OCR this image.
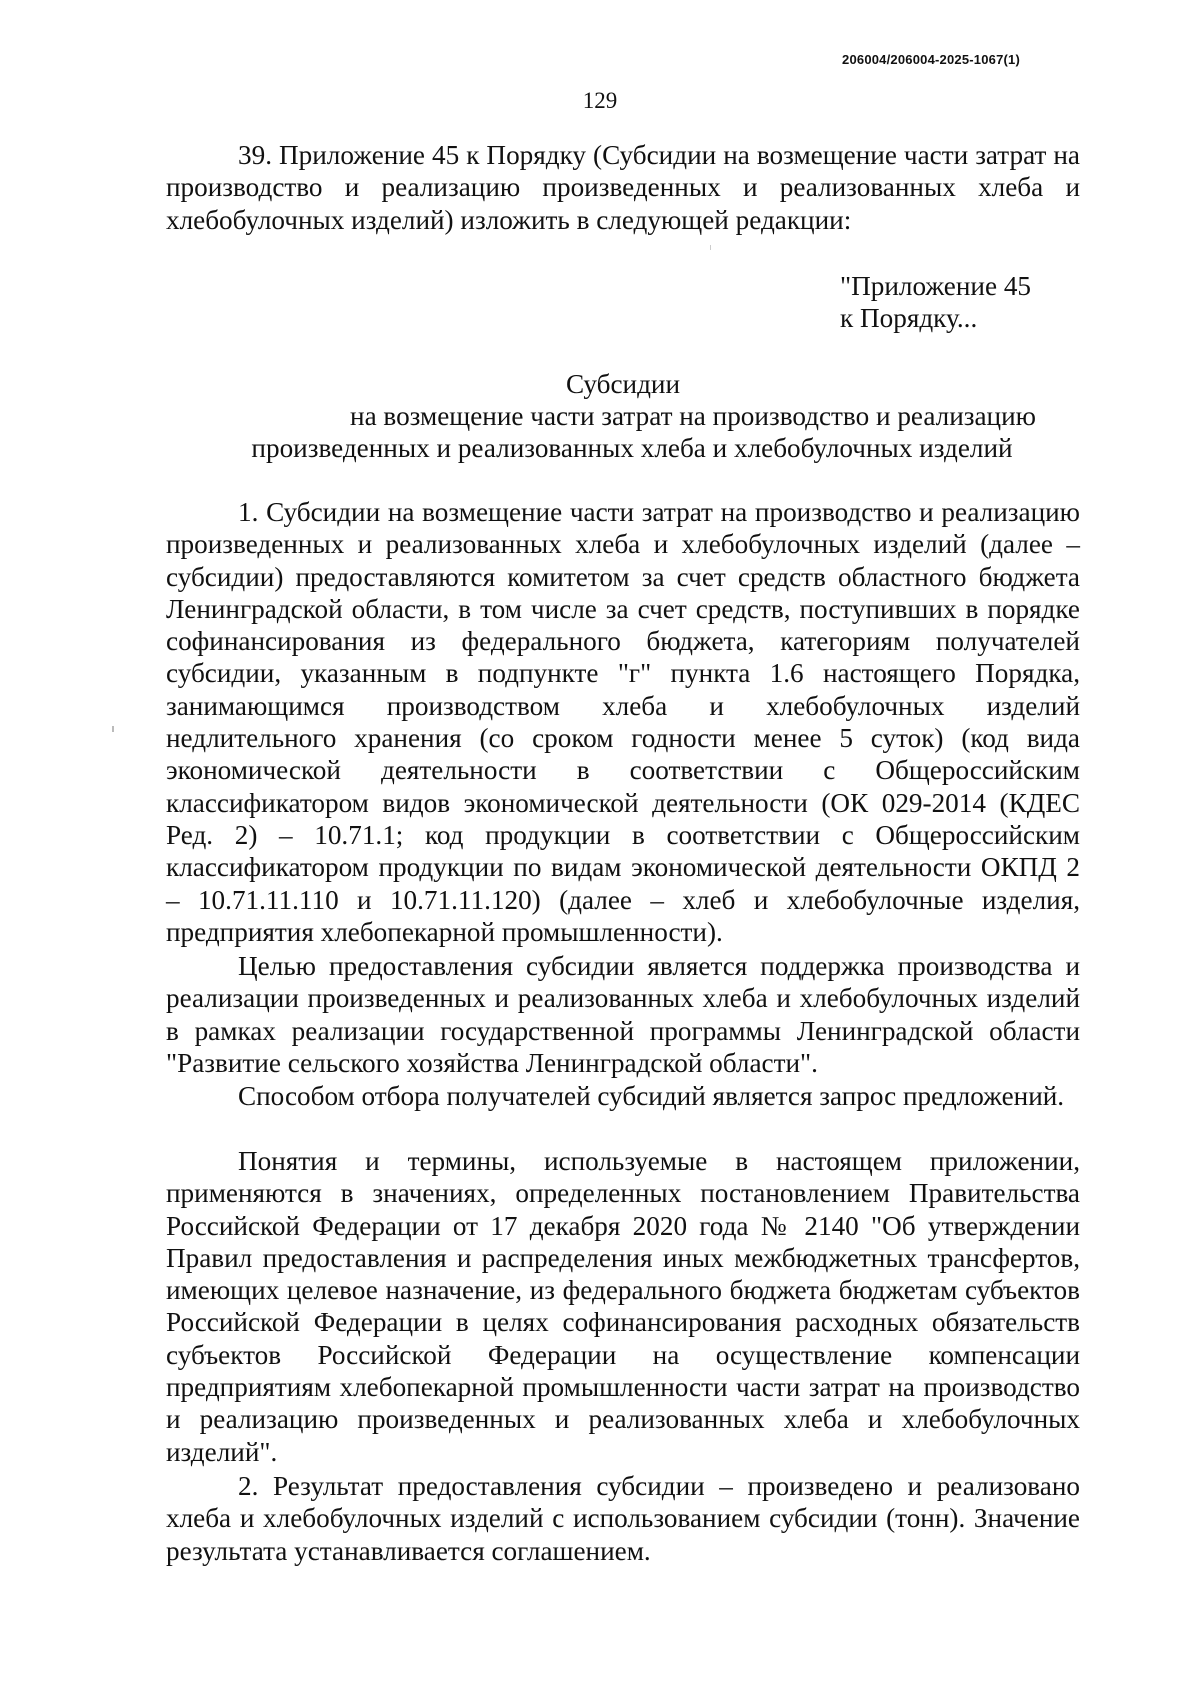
206004/206004-2025-1067(1)
129

39. Приложение 45 к Порядку (Субсидии на возмещение части затрат на производство и реализацию произведенных и реализованных хлеба и хлебобулочных изделий) изложить в следующей редакции:

"Приложение 45
к Порядку...
Субсидии
на возмещение части затрат на производство и реализацию
произведенных и реализованных хлеба и хлебобулочных изделий

1. Субсидии на возмещение части затрат на производство и реализацию произведенных и реализованных хлеба и хлебобулочных изделий (далее – субсидии) предоставляются комитетом за счет средств областного бюджета Ленинградской области, в том числе за счет средств, поступивших в порядке софинансирования из федерального бюджета, категориям получателей субсидии, указанным в подпункте "г" пункта 1.6 настоящего Порядка, занимающимся производством хлеба и хлебобулочных изделий недлительного хранения (со сроком годности менее 5 суток) (код вида экономической деятельности в соответствии с Общероссийским классификатором видов экономической деятельности (ОК 029-2014 (КДЕС Ред. 2) – 10.71.1; код продукции в соответствии с Общероссийским классификатором продукции по видам экономической деятельности ОКПД 2 – 10.71.11.110 и 10.71.11.120) (далее – хлеб и хлебобулочные изделия, предприятия хлебопекарной промышленности).

Целью предоставления субсидии является поддержка производства и реализации произведенных и реализованных хлеба и хлебобулочных изделий в рамках реализации государственной программы Ленинградской области "Развитие сельского хозяйства Ленинградской области".

Способом отбора получателей субсидий является запрос предложений.

Понятия и термины, используемые в настоящем приложении, применяются в значениях, определенных постановлением Правительства Российской Федерации от 17 декабря 2020 года № 2140 "Об утверждении Правил предоставления и распределения иных межбюджетных трансфертов, имеющих целевое назначение, из федерального бюджета бюджетам субъектов Российской Федерации в целях софинансирования расходных обязательств субъектов Российской Федерации на осуществление компенсации предприятиям хлебопекарной промышленности части затрат на производство и реализацию произведенных и реализованных хлеба и хлебобулочных изделий".

2. Результат предоставления субсидии – произведено и реализовано хлеба и хлебобулочных изделий с использованием субсидии (тонн). Значение результата устанавливается соглашением.
